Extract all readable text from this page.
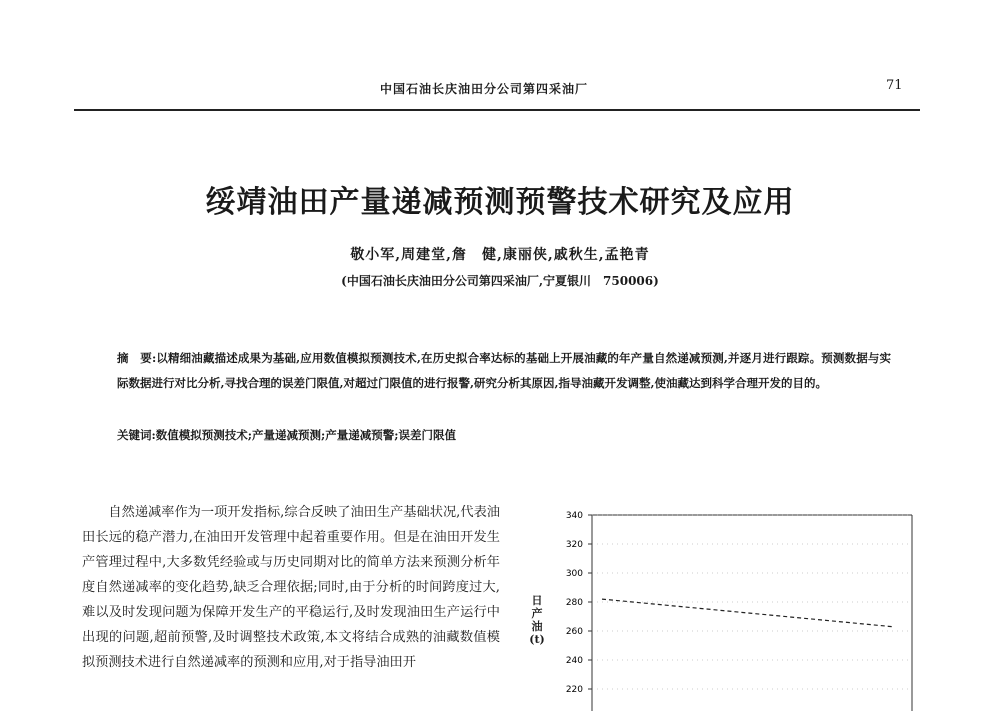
中国石油长庆油田分公司第四采油厂	71
绥靖油田产量递减预测预警技术研究及应用
敬小军,周建堂,詹　健,康丽侠,戚秋生,孟艳青
(中国石油长庆油田分公司第四采油厂,宁夏银川　750006)
摘　要:以精细油藏描述成果为基础,应用数值模拟预测技术,在历史拟合率达标的基础上开展油藏的年产量自然递减预测,并逐月进行跟踪。预测数据与实际数据进行对比分析,寻找合理的误差门限值,对超过门限值的进行报警,研究分析其原因,指导油藏开发调整,使油藏达到科学合理开发的目的。
关键词:数值模拟预测技术;产量递减预测;产量递减预警;误差门限值

自然递减率作为一项开发指标,综合反映了油田生产基础状况,代表油田长远的稳产潜力,在油田开发管理中起着重要作用。但是在油田开发生产管理过程中,大多数凭经验或与历史同期对比的简单方法来预测分析年度自然递减率的变化趋势,缺乏合理依据;同时,由于分析的时间跨度过大,难以及时发现问题为保障开发生产的平稳运行,及时发现油田生产运行中出现的问题,超前预警,及时调整技术政策,本文将结合成熟的油藏数值模拟预测技术进行自然递减率的预测和应用,对于指导油田开

日产油(t)
340
320
300
280
260
240
220
